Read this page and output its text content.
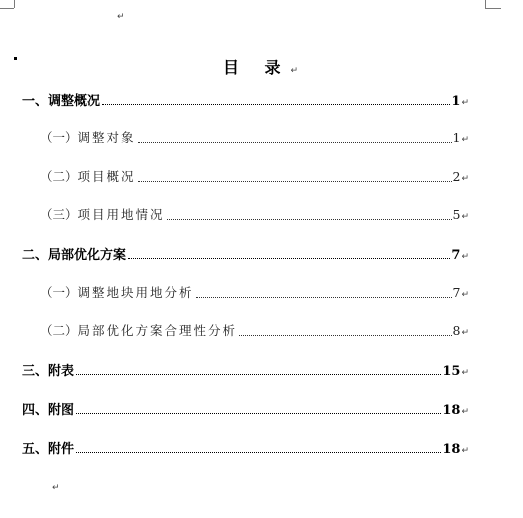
↵
目 录↵
一、 调整概况	1 ↵
（一） 调整对象	1 ↵
（二） 项目概况	2 ↵
（三） 项目用地情况	5 ↵
二、 局部优化方案	7 ↵
（一） 调整地块用地分析	7 ↵
（二） 局部优化方案合理性分析	8 ↵
三、 附表	15 ↵
四、 附图	18 ↵
五、 附件	18 ↵
↵
